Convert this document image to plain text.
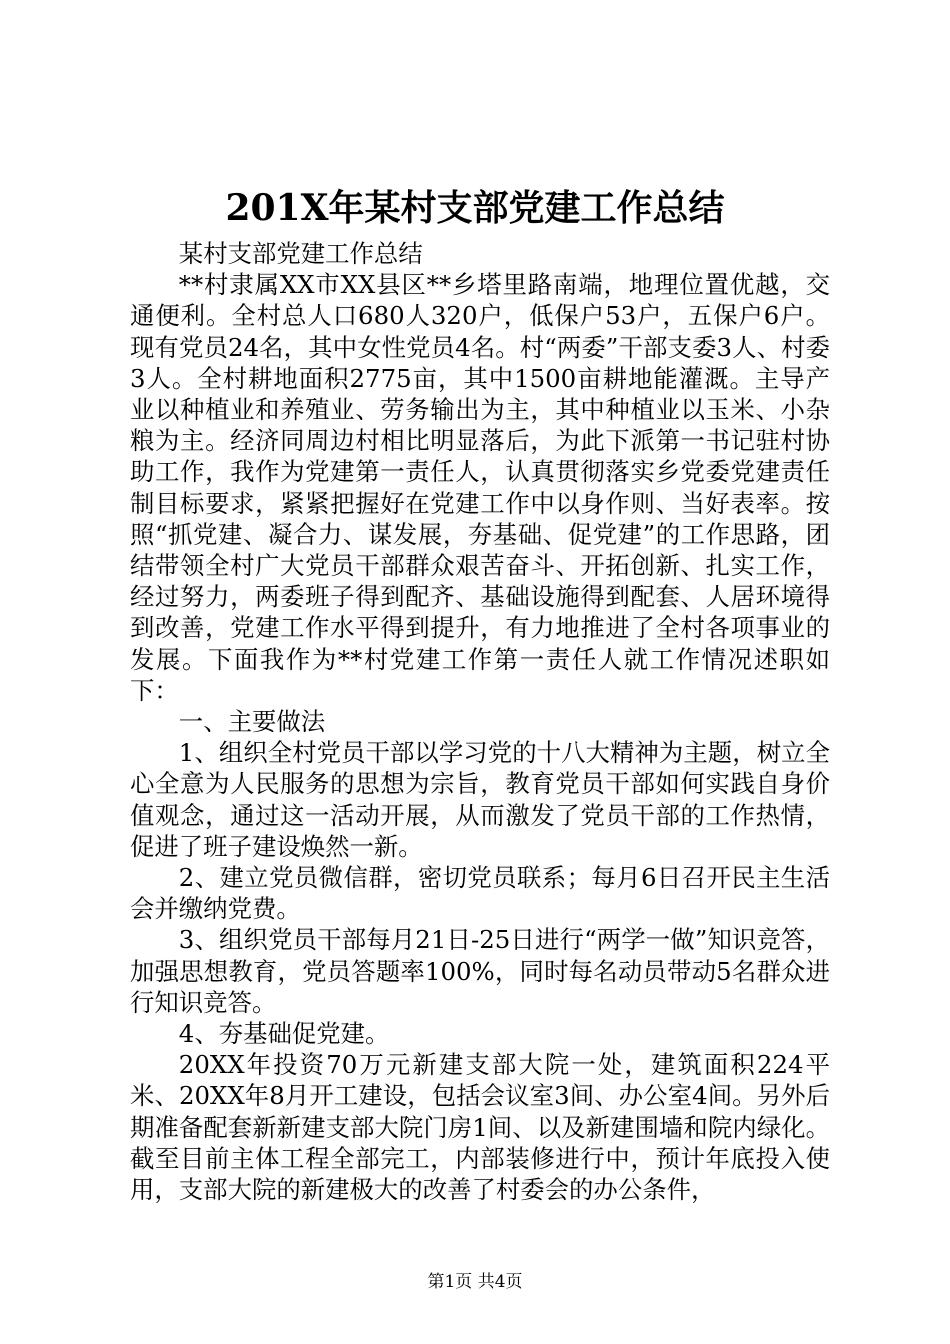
201X年某村支部党建工作总结

某村支部党建工作总结

**村隶属XX市XX县区**乡塔里路南端，地理位置优越，交通便利。全村总人口680人320户，低保户53户，五保户6户。现有党员24名，其中女性党员4名。村“两委”干部支委3人、村委3人。全村耕地面积2775亩，其中1500亩耕地能灌溉。主导产业以种植业和养殖业、劳务输出为主，其中种植业以玉米、小杂粮为主。经济同周边村相比明显落后，为此下派第一书记驻村协助工作，我作为党建第一责任人，认真贯彻落实乡党委党建责任制目标要求，紧紧把握好在党建工作中以身作则、当好表率。按照“抓党建、凝合力、谋发展，夯基础、促党建”的工作思路，团结带领全村广大党员干部群众艰苦奋斗、开拓创新、扎实工作，经过努力，两委班子得到配齐、基础设施得到配套、人居环境得到改善，党建工作水平得到提升，有力地推进了全村各项事业的发展。下面我作为**村党建工作第一责任人就工作情况述职如下：

一、主要做法

1、组织全村党员干部以学习党的十八大精神为主题，树立全心全意为人民服务的思想为宗旨，教育党员干部如何实践自身价值观念，通过这一活动开展，从而激发了党员干部的工作热情，促进了班子建设焕然一新。

2、建立党员微信群，密切党员联系；每月6日召开民主生活会并缴纳党费。

3、组织党员干部每月21日-25日进行“两学一做”知识竞答，加强思想教育，党员答题率100%，同时每名动员带动5名群众进行知识竞答。

4、夯基础促党建。

20XX年投资70万元新建支部大院一处，建筑面积224平米、20XX年8月开工建设，包括会议室3间、办公室4间。另外后期准备配套新新建支部大院门房1间、以及新建围墙和院内绿化。截至目前主体工程全部完工，内部装修进行中，预计年底投入使用，支部大院的新建极大的改善了村委会的办公条件，

第1页 共4页
